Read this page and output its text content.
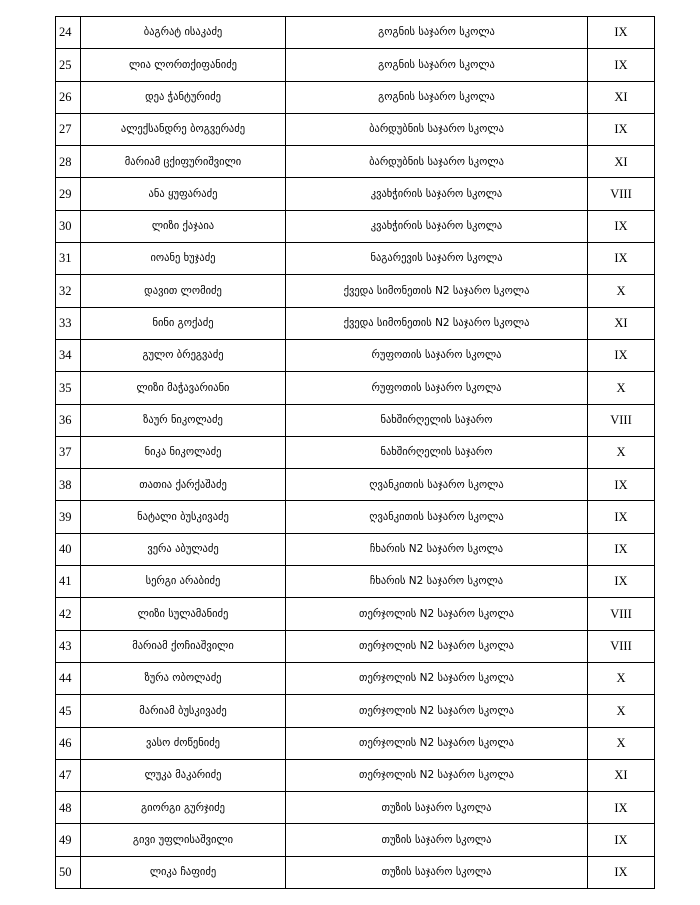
24	ბაგრატ ისაკაძე	გოგნის საჯარო სკოლა	IX
25	ლია ლორთქიფანიძე	გოგნის საჯარო სკოლა	IX
26	დეა ჭანტურიძე	გოგნის საჯარო სკოლა	XI
27	ალექსანდრე ბოგვერაძე	ბარდუბნის საჯარო სკოლა	IX
28	მარიამ ცქიფურიშვილი	ბარდუბნის საჯარო სკოლა	XI
29	ანა ყუფარაძე	კვახჭირის საჯარო სკოლა	VIII
30	ლიზი ქაჯაია	კვახჭირის საჯარო სკოლა	IX
31	იოანე ხუჯაძე	ნაგარევის საჯარო სკოლა	IX
32	დავით ლომიძე	ქვედა სიმონეთის N2 საჯარო სკოლა	X
33	ნინი გოქაძე	ქვედა სიმონეთის N2 საჯარო სკოლა	XI
34	გულო ბრეგვაძე	რუფოთის საჯარო სკოლა	IX
35	ლიზი მაჭავარიანი	რუფოთის საჯარო სკოლა	X
36	ზაურ ნიკოლაძე	ნახშირღელის საჯარო	VIII
37	ნიკა ნიკოლაძე	ნახშირღელის საჯარო	X
38	თათია ქარქაშაძე	ღვანკითის საჯარო სკოლა	IX
39	ნატალი ბუსკივაძე	ღვანკითის საჯარო სკოლა	IX
40	ვერა აბულაძე	ჩხარის N2 საჯარო სკოლა	IX
41	სერგი არაბიძე	ჩხარის N2 საჯარო სკოლა	IX
42	ლიზი სულამანიძე	თერჯოლის N2 საჯარო სკოლა	VIII
43	მარიამ ქოჩიაშვილი	თერჯოლის N2 საჯარო სკოლა	VIII
44	ზურა ობოლაძე	თერჯოლის N2 საჯარო სკოლა	X
45	მარიამ ბუსკივაძე	თერჯოლის N2 საჯარო სკოლა	X
46	ვასო ძოწენიძე	თერჯოლის N2 საჯარო სკოლა	X
47	ლუკა მაკარიძე	თერჯოლის N2 საჯარო სკოლა	XI
48	გიორგი გურჯიძე	თუზის საჯარო სკოლა	IX
49	გივი უფლისაშვილი	თუზის საჯარო სკოლა	IX
50	ლიკა ჩაფიძე	თუზის საჯარო სკოლა	IX
